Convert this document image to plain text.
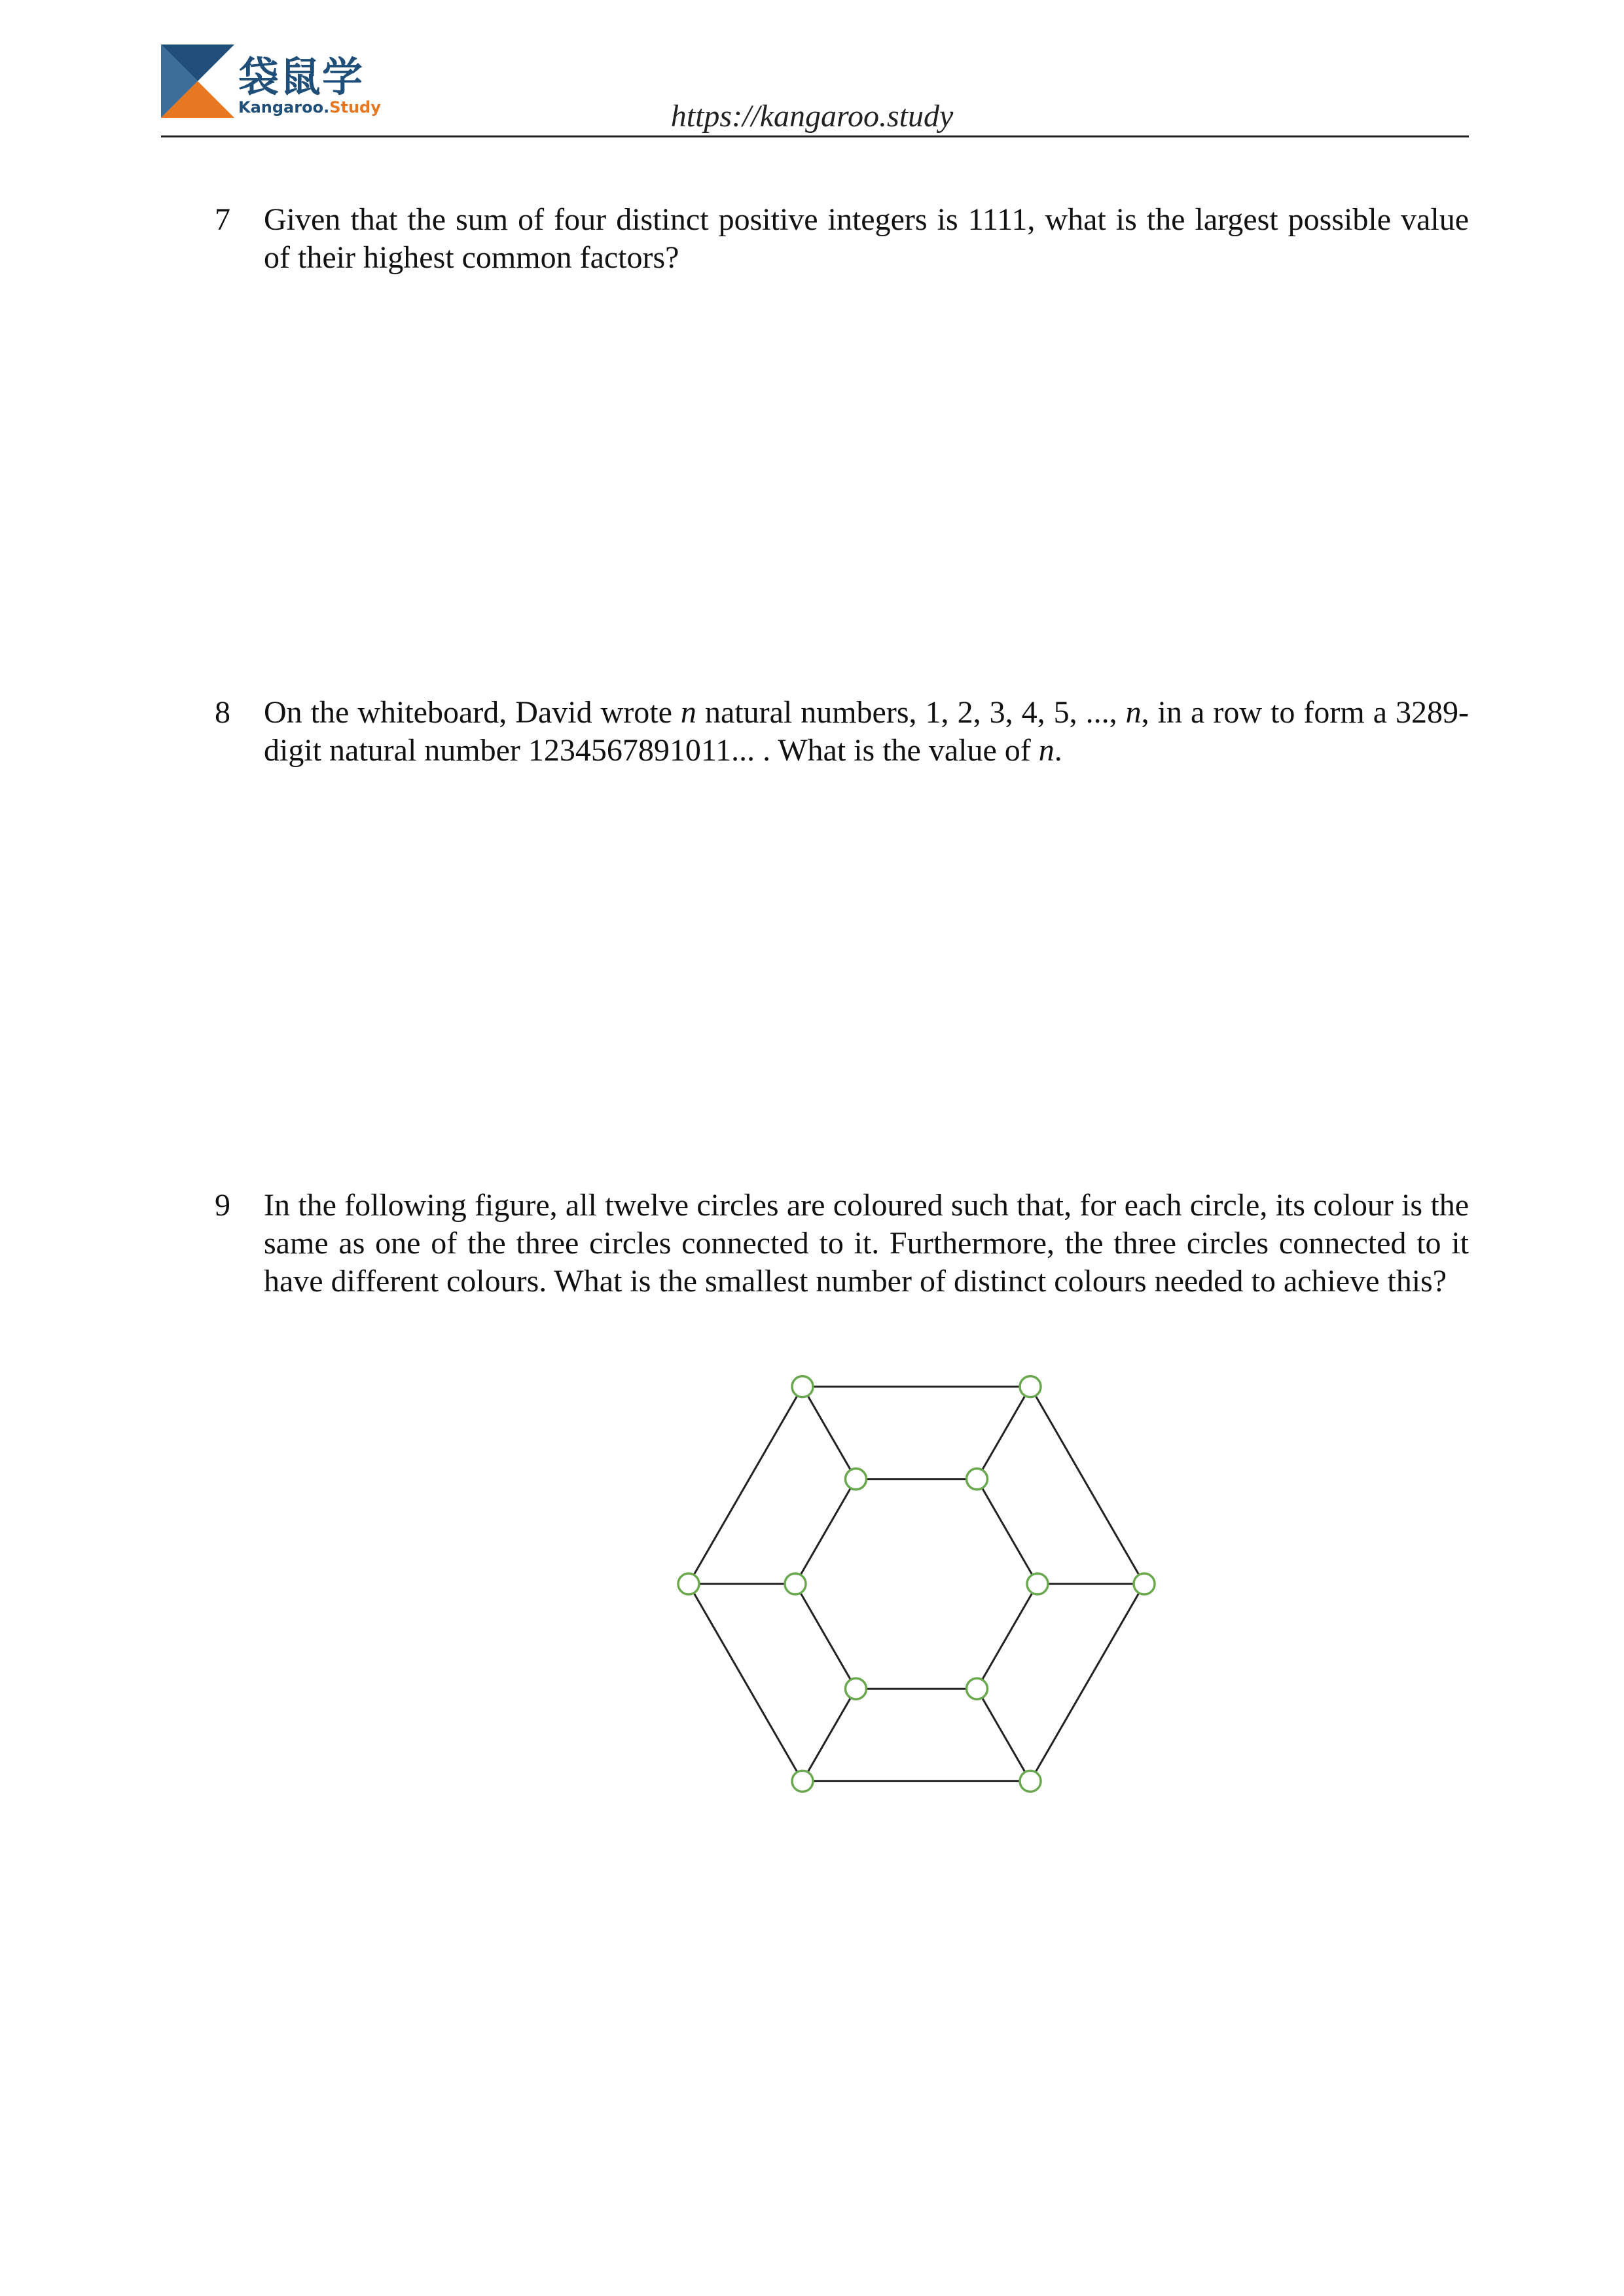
袋鼠学
Kangaroo.Study	https://kangaroo.study
7	Given that the sum of four distinct positive integers is 1111, what is the largest possible value of their highest common factors?
8	On the whiteboard, David wrote n natural numbers, 1, 2, 3, 4, 5, ..., n, in a row to form a 3289-digit natural number 1234567891011... . What is the value of n.
9	In the following figure, all twelve circles are coloured such that, for each circle, its colour is the same as one of the three circles connected to it. Furthermore, the three circles connected to it have different colours. What is the smallest number of distinct colours needed to achieve this?
